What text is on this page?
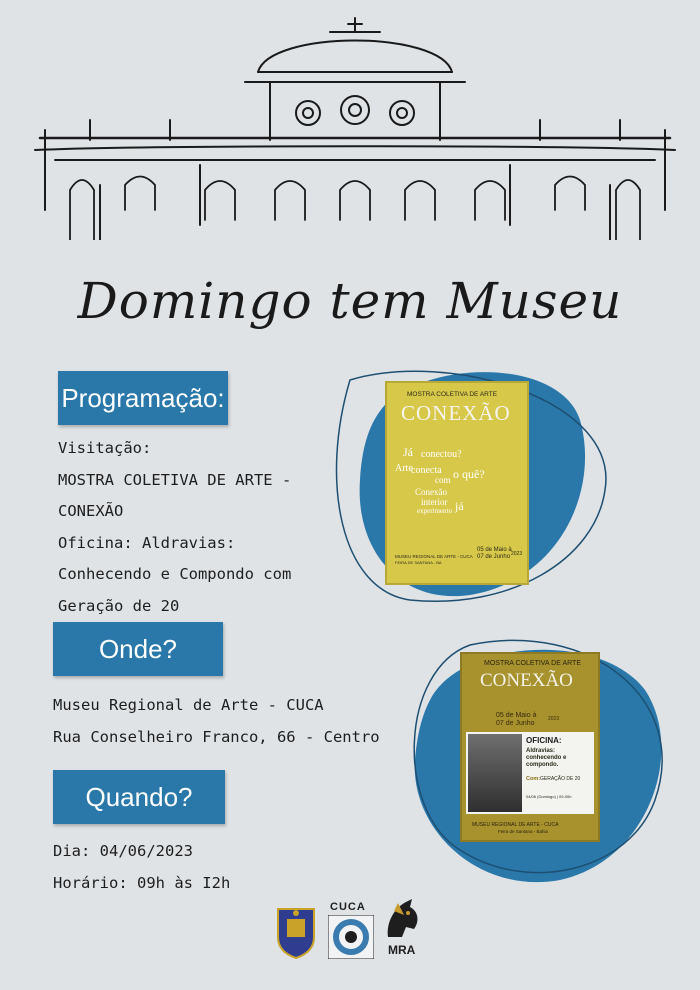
Domingo tem Museu
Programação:
Visitação:
MOSTRA COLETIVA DE ARTE -
CONEXÃO
Oficina: Aldravias:
Conhecendo e Compondo com
Geração de 20
Onde?
Museu Regional de Arte - CUCA
Rua Conselheiro Franco, 66 - Centro
Quando?
Dia: 04/06/2023
Horário: 09h às I2h
MOSTRA COLETIVA DE ARTE
CONEXÃO
Já conectou?
Arte
conecta
com o quê?
Conexão
interior
experimento já
05 de Maio à
07 de Junho 2023
MUSEU REGIONAL DE ARTE - CUCA
FEIRA DE SANTANA - BA
MOSTRA COLETIVA DE ARTE
CONEXÃO
05 de Maio à
07 de Junho
2023
OFICINA:
Aldravias:
conhecendo e
compondo.
Com: GERAÇÃO DE 20
04/06 (Domingo) | 09-00h
MUSEU REGIONAL DE ARTE - CUCA
Feira de Santana - Bahia
CUCA
MRA
